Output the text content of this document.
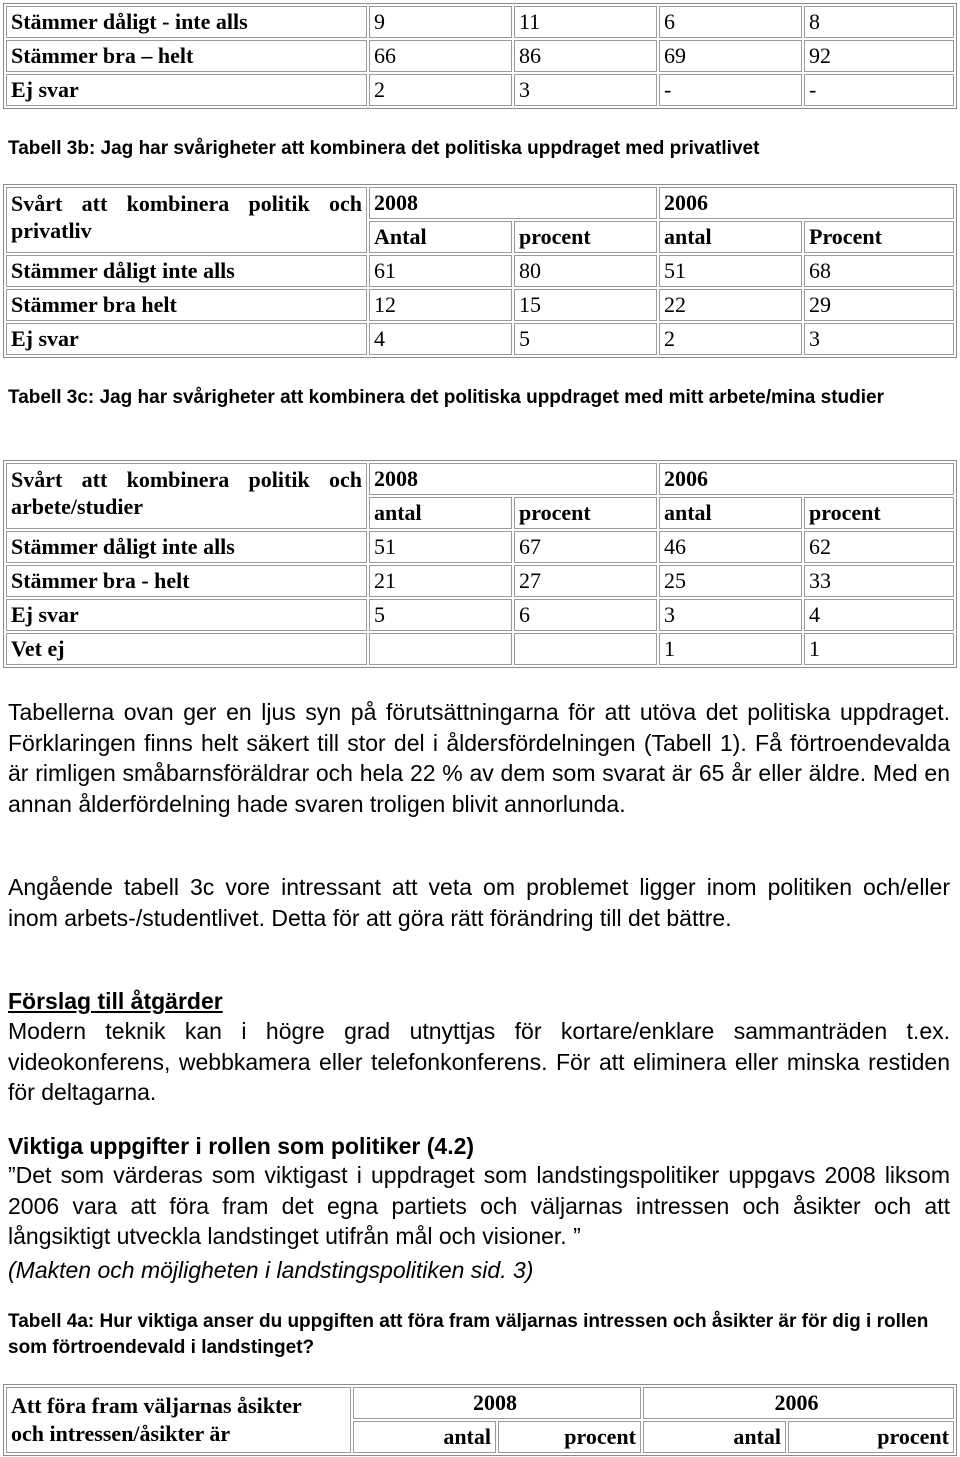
Stämmer dåligt - inte alls	9	11	6	8
Stämmer bra – helt	66	86	69	92
Ej svar	2	3	-	-
Tabell 3b: Jag har svårigheter att kombinera det politiska uppdraget med privatlivet
Svårt att kombinera politik och
privatliv	2008		2006	
	Antal	procent	antal	Procent
Stämmer dåligt inte alls	61	80	51	68
Stämmer bra helt	12	15	22	29
Ej svar	4	5	2	3
Tabell 3c: Jag har svårigheter att kombinera det politiska uppdraget med mitt arbete/mina studier
Svårt att kombinera politik och
arbete/studier	2008		2006	
	antal	procent	antal	procent
Stämmer dåligt inte alls	51	67	46	62
Stämmer bra - helt	21	27	25	33
Ej svar	5	6	3	4
Vet ej			1	1
Tabellerna ovan ger en ljus syn på förutsättningarna för att utöva det politiska uppdraget. Förklaringen finns helt säkert till stor del i åldersfördelningen (Tabell 1). Få förtroendevalda är rimligen småbarnsföräldrar och hela 22 % av dem som svarat är 65 år eller äldre. Med en annan ålderfördelning hade svaren troligen blivit annorlunda.
Angående tabell 3c vore intressant att veta om problemet ligger inom politiken och/eller inom arbets-/studentlivet. Detta för att göra rätt förändring till det bättre.
Förslag till åtgärder
Modern teknik kan i högre grad utnyttjas för kortare/enklare sammanträden t.ex. videokonferens, webbkamera eller telefonkonferens. För att eliminera eller minska restiden för deltagarna.
Viktiga uppgifter i rollen som politiker (4.2)
”Det som värderas som viktigast i uppdraget som landstingspolitiker uppgavs 2008 liksom 2006 vara att föra fram det egna partiets och väljarnas intressen och åsikter och att långsiktigt utveckla landstinget utifrån mål och visioner. ”
(Makten och möjligheten i landstingspolitiken sid. 3)
Tabell 4a: Hur viktiga anser du uppgiften att föra fram väljarnas intressen och åsikter är för dig i rollen som förtroendevald i landstinget?
Att föra fram väljarnas åsikter
och intressen/åsikter är	2008		2006	
	antal	procent	antal	procent
